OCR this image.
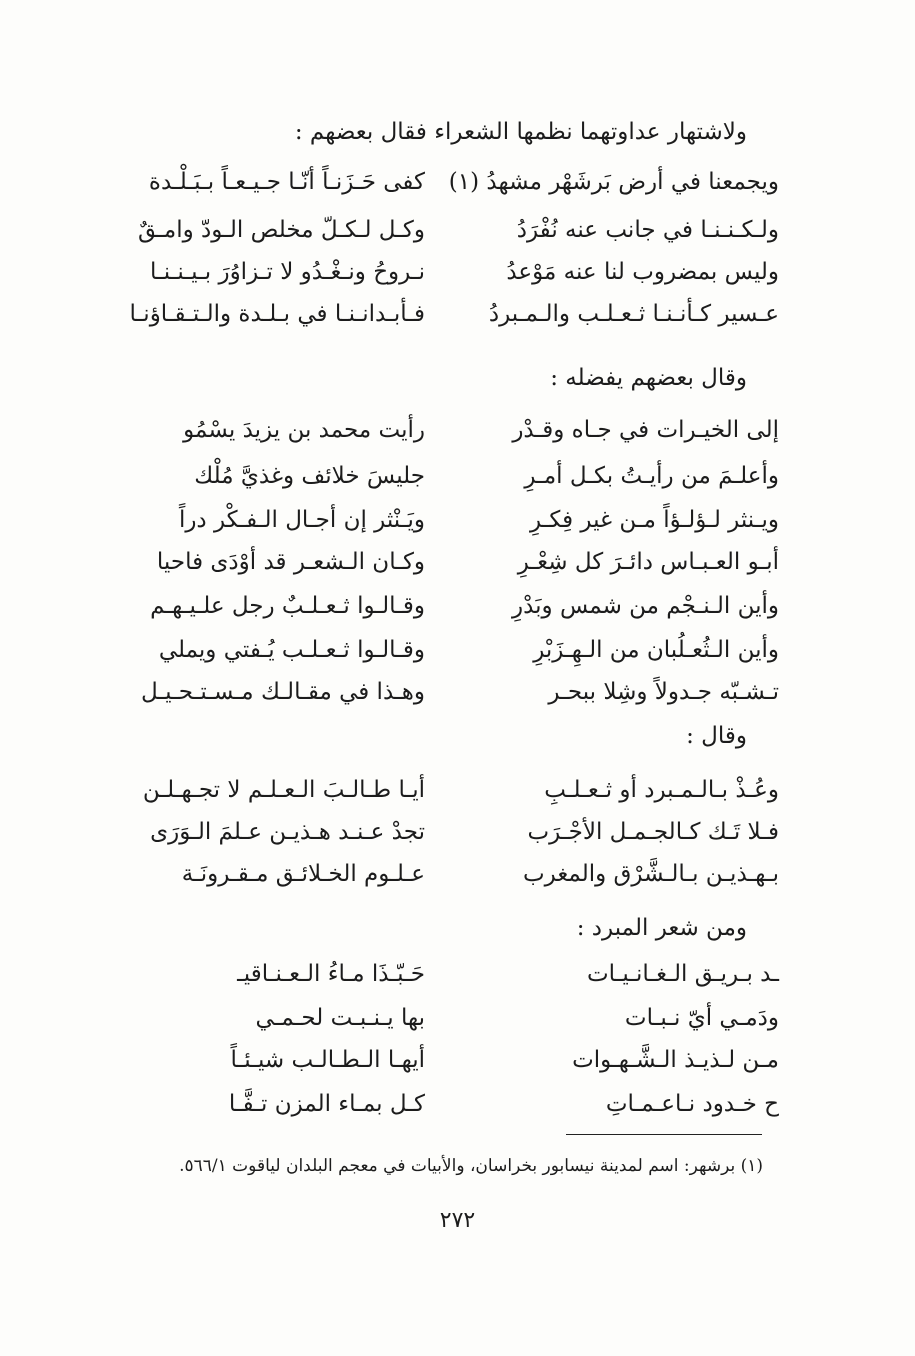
ولاشتهار عداوتهما نظمها الشعراء فقال بعضهم :
كفى حَـزَنـاً أنّـا جـيـعـاً بـبَـلْـدة ويجمعنا في أرض بَرشَهْر مشهدُ (١)
وكـل لـكـلّ مخلص الـودّ وامـقٌ	ولـكـنـنـا في جانب عنه نُفْرَدُ
نـروحُ ونـغْـدُو لا تـزاوُرَ بـيـنـنـا	وليس بمضروب لنا عنه مَوْعدُ
فـأبـدانـنـا في بـلـدة والـتـقـاؤنـا	عـسير كـأنـنـا ثـعـلـب والـمـبردُ
وقال بعضهم يفضله :
رأيت محمد بن يزيدَ يسْمُو	إلى الخيـرات في جـاه وقـدْر
جليسَ خلائف وغذيَّ مُلْك	وأعلـمَ من رأيـتُ بكـل أمـرِ
ويَـنْثر إن أجـال الـفـكْر دراً	ويـنثر لـؤلـؤاً مـن غير فِكـرِ
وكـان الـشعـر قد أوْدَى فاحيا	أبـو العـبـاس دائـرَ كل شِعْـرِ
وقـالـوا ثـعـلـبٌ رجل علـيـهـم	وأين الـنـجْم من شمس وبَدْرِ
وقـالـوا ثـعـلـب يُـفتي ويملي	وأين الـثُعـلُبان من الـهِـزَبْرِ
وهـذا في مقـالـك مـسـتـحـيـل	تـشـبّه جـدولاً وشِلا ببحـر
وقال :
أيـا طـالـبَ الـعـلـم لا تجـهـلـن	وعُـذْ بـالـمـبرد أو ثـعـلـبِ
تجدْ عـنـد هـذيـن عـلمَ الـوَرَى	فـلا تَـك كـالجـمـل الأجْـرَب
عـلـوم الخـلائـق مـقـرونَـة	بـهـذيـن بـالـشَّرْق والمغرب
ومن شعر المبرد :
حَـبّـذَا مـاءُ الـعـنـاقيـ	ـد بـريـق الـغـانـيـات
بها يـنـبـت لحـمـي	ودَمـي أيّ نـبـات
أيهـا الـطـالـب شيـئـاً	مـن لـذيـذ الـشَّـهـوات
كـل بمـاء المزن تـفَّـا	ح خـدود نـاعـمـاتِ
(١) برشهر: اسم لمدينة نيسابور بخراسان، والأبيات في معجم البلدان لياقوت ٥٦٦/١.
٢٧٢
